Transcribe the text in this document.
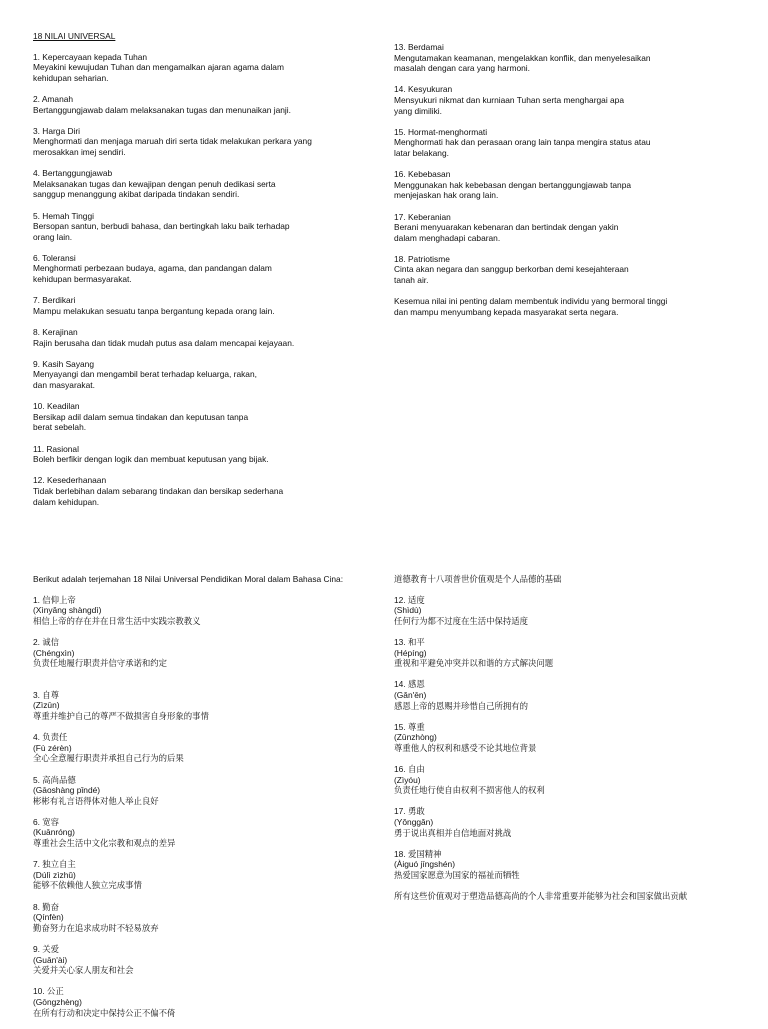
18 NILAI UNIVERSAL
1. Kepercayaan kepada Tuhan
Meyakini kewujudan Tuhan dan mengamalkan ajaran agama dalam
kehidupan seharian.
2. Amanah
Bertanggungjawab dalam melaksanakan tugas dan menunaikan janji.
3. Harga Diri
Menghormati dan menjaga maruah diri serta tidak melakukan perkara yang
merosakkan imej sendiri.
4. Bertanggungjawab
Melaksanakan tugas dan kewajipan dengan penuh dedikasi serta
sanggup menanggung akibat daripada tindakan sendiri.
5. Hemah Tinggi
Bersopan santun, berbudi bahasa, dan bertingkah laku baik terhadap
orang lain.
6. Toleransi
Menghormati perbezaan budaya, agama, dan pandangan dalam
kehidupan bermasyarakat.
7. Berdikari
Mampu melakukan sesuatu tanpa bergantung kepada orang lain.
8. Kerajinan
Rajin berusaha dan tidak mudah putus asa dalam mencapai kejayaan.
9. Kasih Sayang
Menyayangi dan mengambil berat terhadap keluarga, rakan,
dan masyarakat.
10. Keadilan
Bersikap adil dalam semua tindakan dan keputusan tanpa
berat sebelah.
11. Rasional
Boleh berfikir dengan logik dan membuat keputusan yang bijak.
12. Kesederhanaan
Tidak berlebihan dalam sebarang tindakan dan bersikap sederhana
dalam kehidupan.
13. Berdamai
Mengutamakan keamanan, mengelakkan konflik, dan menyelesaikan
masalah dengan cara yang harmoni.
14. Kesyukuran
Mensyukuri nikmat dan kurniaan Tuhan serta menghargai apa
yang dimiliki.
15. Hormat-menghormati
Menghormati hak dan perasaan orang lain tanpa mengira status atau
latar belakang.
16. Kebebasan
Menggunakan hak kebebasan dengan bertanggungjawab tanpa
menjejaskan hak orang lain.
17. Keberanian
Berani menyuarakan kebenaran dan bertindak dengan yakin
dalam menghadapi cabaran.
18. Patriotisme
Cinta akan negara dan sanggup berkorban demi kesejahteraan
tanah air.
Kesemua nilai ini penting dalam membentuk individu yang bermoral tinggi
dan mampu menyumbang kepada masyarakat serta negara.
Berikut adalah terjemahan 18 Nilai Universal Pendidikan Moral dalam Bahasa Cina:
1. 信仰上帝
(Xìnyǎng shàngdì)
相信上帝的存在并在日常生活中实践宗教教义
2. 诚信
(Chéngxìn)
负责任地履行职责并信守承诺和约定
3. 自尊
(Zìzūn)
尊重并维护自己的尊严不做损害自身形象的事情
4. 负责任
(Fù zérèn)
全心全意履行职责并承担自己行为的后果
5. 高尚品德
(Gāoshàng pǐndé)
彬彬有礼言语得体对他人举止良好
6. 宽容
(Kuānróng)
尊重社会生活中文化宗教和观点的差异
7. 独立自主
(Dúlì zìzhǔ)
能够不依赖他人独立完成事情
8. 勤奋
(Qínfèn)
勤奋努力在追求成功时不轻易放弃
9. 关爱
(Guān'ài)
关爱并关心家人朋友和社会
10. 公正
(Gōngzhèng)
在所有行动和决定中保持公正不偏不倚
道德教育十八项普世价值观是个人品德的基础
12. 适度
(Shìdù)
任何行为都不过度在生活中保持适度
13. 和平
(Hépíng)
重视和平避免冲突并以和谐的方式解决问题
14. 感恩
(Gǎn'ēn)
感恩上帝的恩赐并珍惜自己所拥有的
15. 尊重
(Zūnzhòng)
尊重他人的权利和感受不论其地位背景
16. 自由
(Zìyóu)
负责任地行使自由权利不损害他人的权利
17. 勇敢
(Yǒnggǎn)
勇于说出真相并自信地面对挑战
18. 爱国精神
(Àiguó jīngshén)
热爱国家愿意为国家的福祉而牺牲
所有这些价值观对于塑造品德高尚的个人非常重要并能够为社会和国家做出贡献
